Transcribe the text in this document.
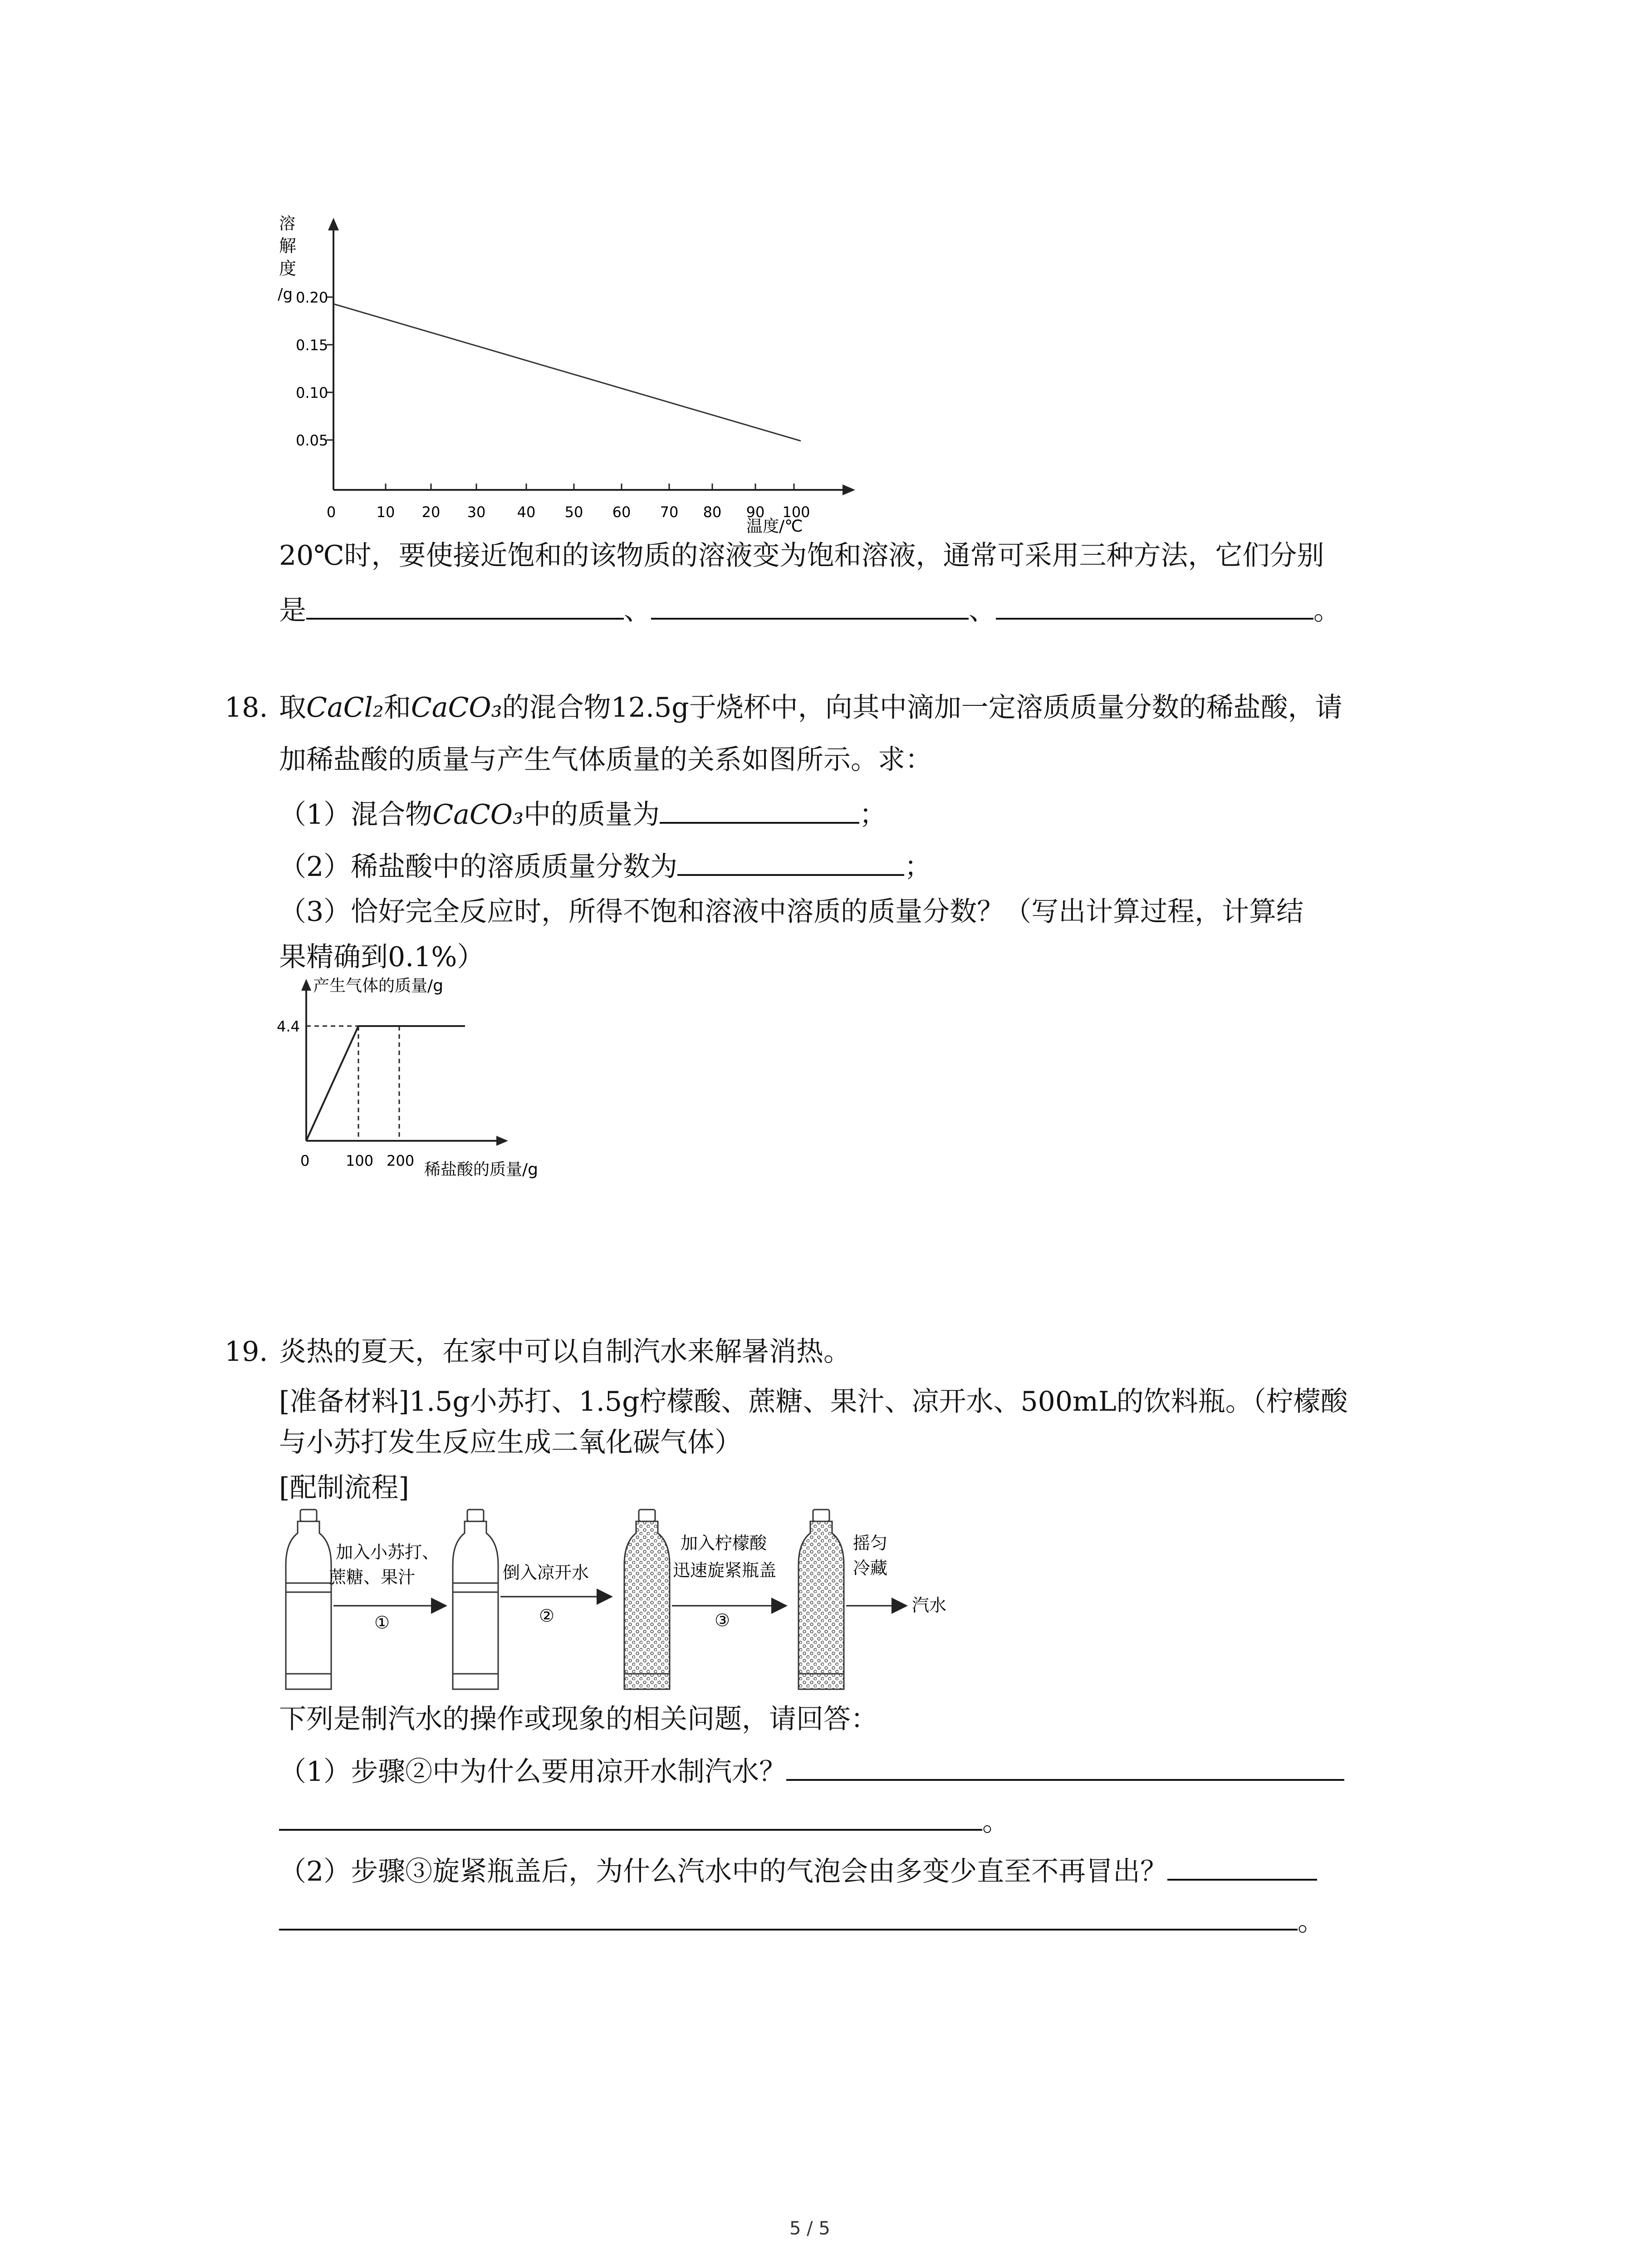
溶
解
度
/g 0.20
0.15
0.10
0.05
0	10 20 30 40 50 60 70 80 90 100
温度/℃
20℃时，要使接近饱和的该物质的溶液变为饱和溶液，通常可采用三种方法，它们分别
是	、	、	。
18. 取CaCl₂和CaCO₃的混合物12.5g于烧杯中，向其中滴加一定溶质质量分数的稀盐酸，请
加稀盐酸的质量与产生气体质量的关系如图所示。求：
（1）混合物CaCO₃中的质量为	；
（2）稀盐酸中的溶质质量分数为	；
（3）恰好完全反应时，所得不饱和溶液中溶质的质量分数？（写出计算过程，计算结
果精确到0.1%）
产生气体的质量/g
4.4
0 100 200 稀盐酸的质量/g
19. 炎热的夏天，在家中可以自制汽水来解暑消热。
[准备材料]1.5g小苏打、1.5g柠檬酸、蔗糖、果汁、凉开水、500mL的饮料瓶。（柠檬酸
与小苏打发生反应生成二氧化碳气体）
[配制流程]
加入小苏打、
蔗糖、果汁
①
倒入凉开水
②
加入柠檬酸
迅速旋紧瓶盖
③
摇匀
冷藏
汽水
下列是制汽水的操作或现象的相关问题，请回答：
（1）步骤②中为什么要用凉开水制汽水？
。
（2）步骤③旋紧瓶盖后，为什么汽水中的气泡会由多变少直至不再冒出？
。
5 / 5
